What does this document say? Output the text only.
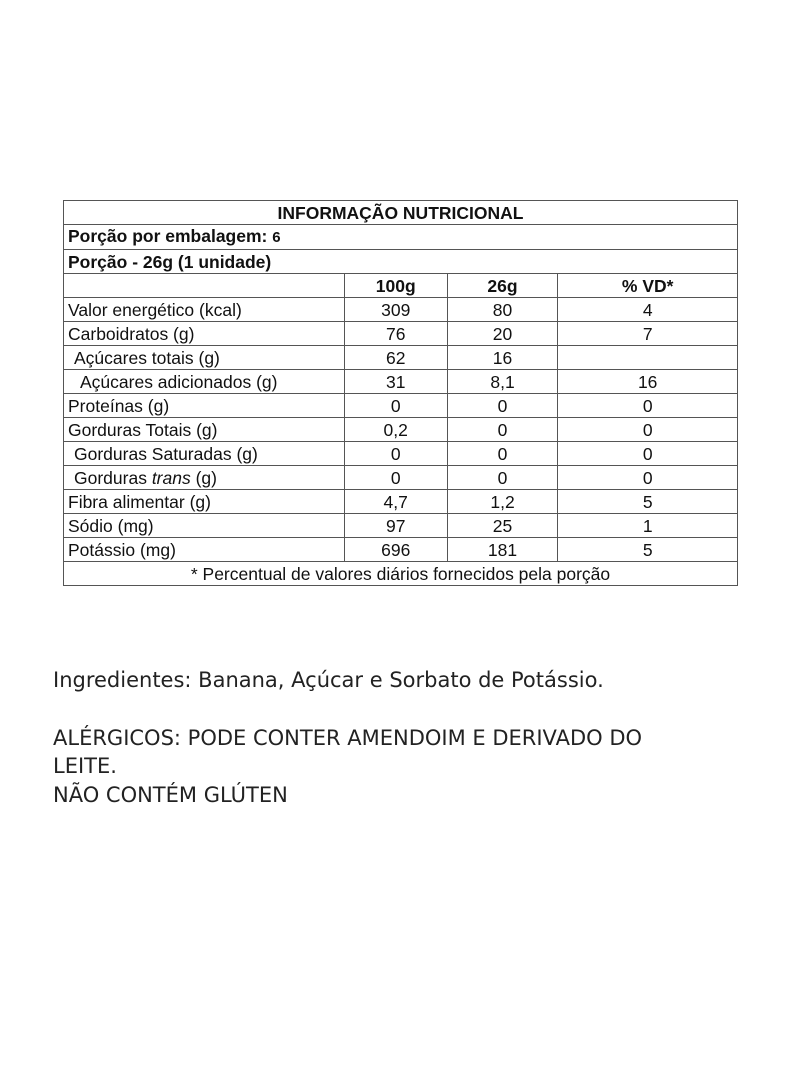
INFORMAÇÃO NUTRICIONAL			
Porção por embalagem: 6			
Porção - 26g (1 unidade)			
	100g	26g	% VD*
Valor energético (kcal)	309	80	4
Carboidratos (g)	76	20	7
Açúcares totais (g)	62	16	
Açúcares adicionados (g)	31	8,1	16
Proteínas (g)	0	0	0
Gorduras Totais (g)	0,2	0	0
Gorduras Saturadas (g)	0	0	0
Gorduras trans (g)	0	0	0
Fibra alimentar (g)	4,7	1,2	5
Sódio (mg)	97	25	1
Potássio (mg)	696	181	5
* Percentual de valores diários fornecidos pela porção			
Ingredientes: Banana, Açúcar e Sorbato de Potássio.
ALÉRGICOS: PODE CONTER AMENDOIM E DERIVADO DO
LEITE.
NÃO CONTÉM GLÚTEN
